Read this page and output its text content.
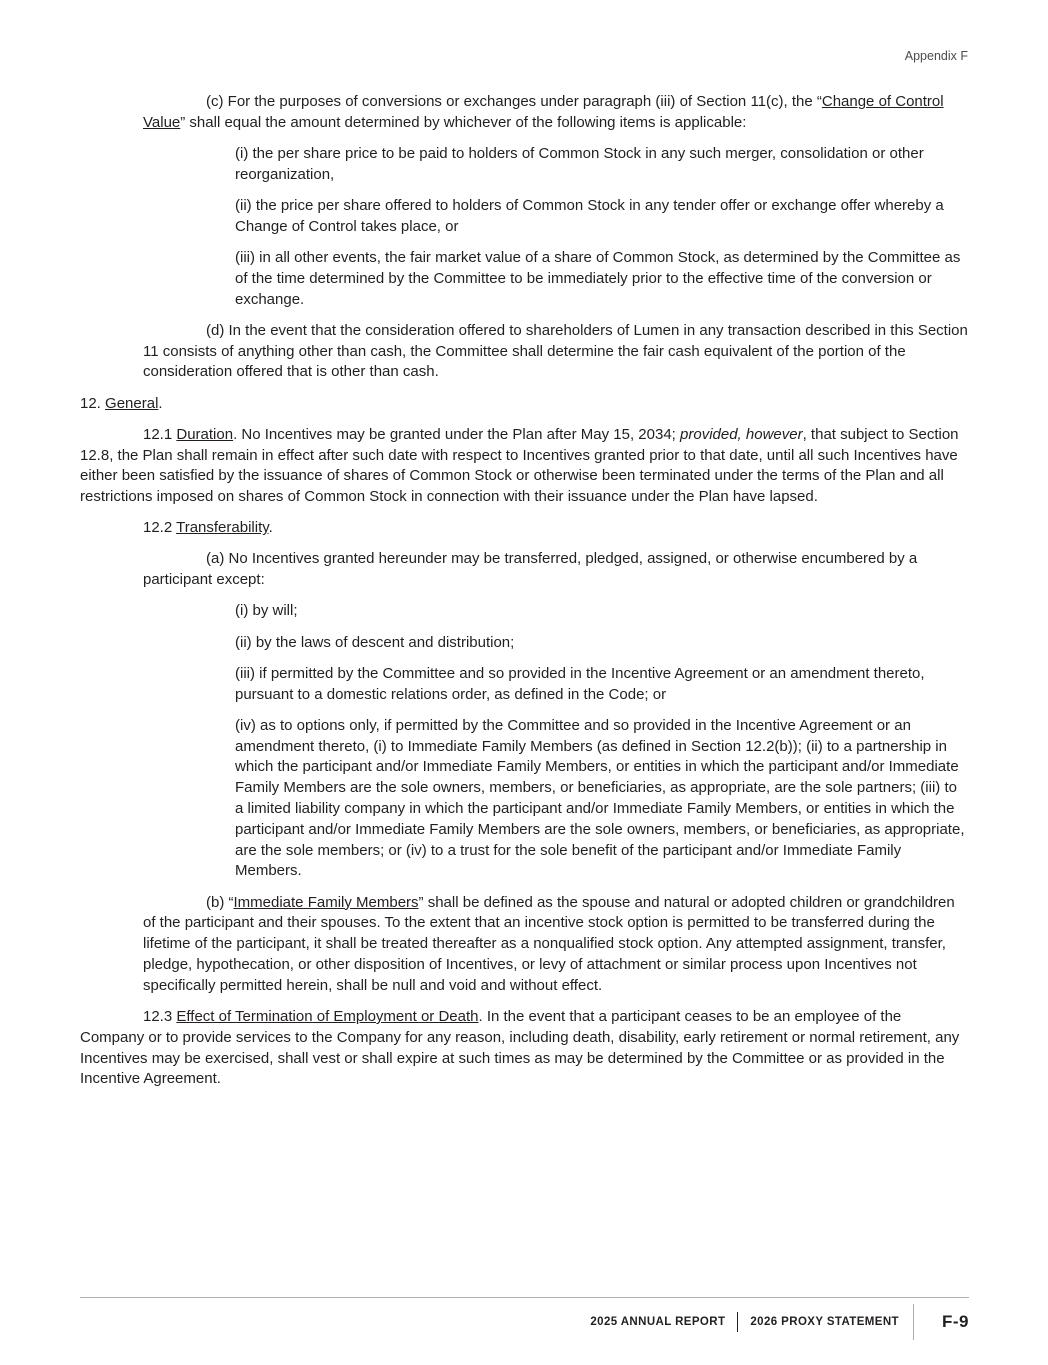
Appendix F

(c) For the purposes of conversions or exchanges under paragraph (iii) of Section 11(c), the “Change of Control Value” shall equal the amount determined by whichever of the following items is applicable:

(i) the per share price to be paid to holders of Common Stock in any such merger, consolidation or other reorganization,

(ii) the price per share offered to holders of Common Stock in any tender offer or exchange offer whereby a Change of Control takes place, or

(iii) in all other events, the fair market value of a share of Common Stock, as determined by the Committee as of the time determined by the Committee to be immediately prior to the effective time of the conversion or exchange.

(d) In the event that the consideration offered to shareholders of Lumen in any transaction described in this Section 11 consists of anything other than cash, the Committee shall determine the fair cash equivalent of the portion of the consideration offered that is other than cash.

12. General.

12.1 Duration. No Incentives may be granted under the Plan after May 15, 2034; provided, however, that subject to Section 12.8, the Plan shall remain in effect after such date with respect to Incentives granted prior to that date, until all such Incentives have either been satisfied by the issuance of shares of Common Stock or otherwise been terminated under the terms of the Plan and all restrictions imposed on shares of Common Stock in connection with their issuance under the Plan have lapsed.

12.2 Transferability.

(a) No Incentives granted hereunder may be transferred, pledged, assigned, or otherwise encumbered by a participant except:

(i) by will;

(ii) by the laws of descent and distribution;

(iii) if permitted by the Committee and so provided in the Incentive Agreement or an amendment thereto, pursuant to a domestic relations order, as defined in the Code; or

(iv) as to options only, if permitted by the Committee and so provided in the Incentive Agreement or an amendment thereto, (i) to Immediate Family Members (as defined in Section 12.2(b)); (ii) to a partnership in which the participant and/or Immediate Family Members, or entities in which the participant and/or Immediate Family Members are the sole owners, members, or beneficiaries, as appropriate, are the sole partners; (iii) to a limited liability company in which the participant and/or Immediate Family Members, or entities in which the participant and/or Immediate Family Members are the sole owners, members, or beneficiaries, as appropriate, are the sole members; or (iv) to a trust for the sole benefit of the participant and/or Immediate Family Members.

(b) “Immediate Family Members” shall be defined as the spouse and natural or adopted children or grandchildren of the participant and their spouses. To the extent that an incentive stock option is permitted to be transferred during the lifetime of the participant, it shall be treated thereafter as a nonqualified stock option. Any attempted assignment, transfer, pledge, hypothecation, or other disposition of Incentives, or levy of attachment or similar process upon Incentives not specifically permitted herein, shall be null and void and without effect.

12.3 Effect of Termination of Employment or Death. In the event that a participant ceases to be an employee of the Company or to provide services to the Company for any reason, including death, disability, early retirement or normal retirement, any Incentives may be exercised, shall vest or shall expire at such times as may be determined by the Committee or as provided in the Incentive Agreement.

2025 ANNUAL REPORT 2026 PROXY STATEMENT	F-9
